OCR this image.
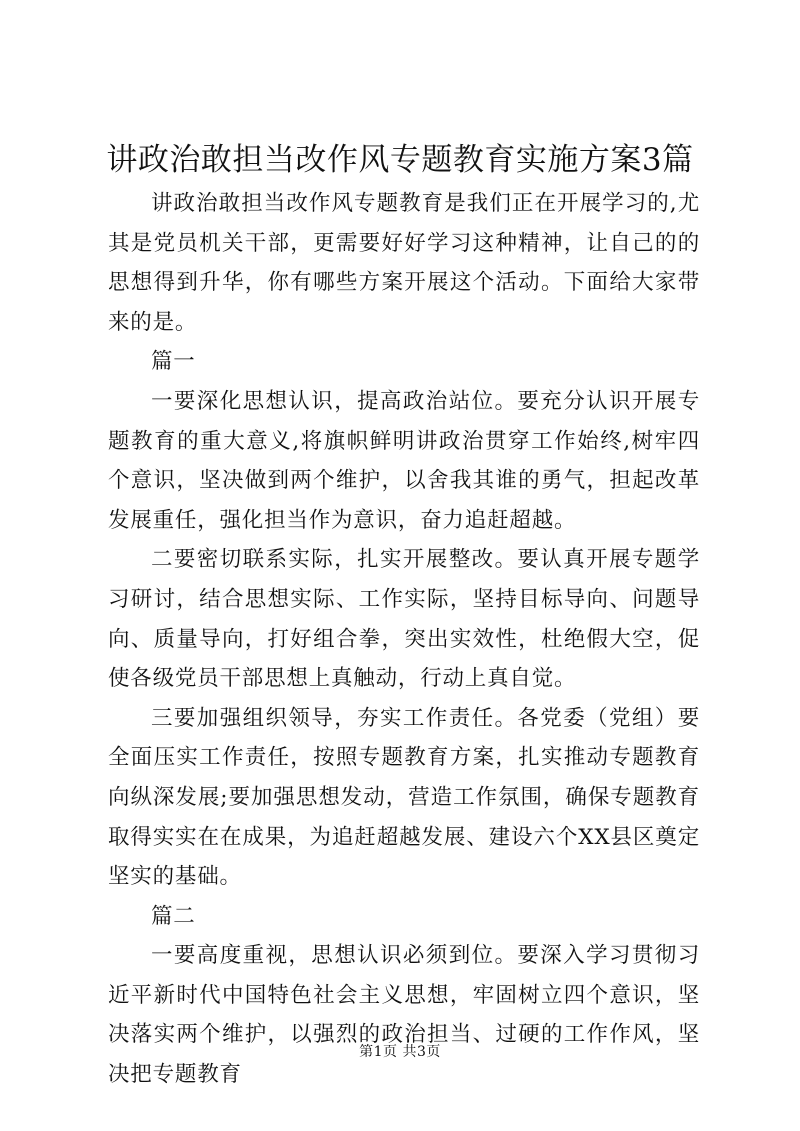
讲政治敢担当改作风专题教育实施方案3篇

讲政治敢担当改作风专题教育是我们正在开展学习的,尤其是党员机关干部，更需要好好学习这种精神，让自己的的思想得到升华，你有哪些方案开展这个活动。下面给大家带来的是。

篇一

一要深化思想认识，提高政治站位。要充分认识开展专题教育的重大意义,将旗帜鲜明讲政治贯穿工作始终,树牢四个意识，坚决做到两个维护，以舍我其谁的勇气，担起改革发展重任，强化担当作为意识，奋力追赶超越。

二要密切联系实际，扎实开展整改。要认真开展专题学习研讨，结合思想实际、工作实际，坚持目标导向、问题导向、质量导向，打好组合拳，突出实效性，杜绝假大空，促使各级党员干部思想上真触动，行动上真自觉。

三要加强组织领导，夯实工作责任。各党委（党组）要全面压实工作责任，按照专题教育方案，扎实推动专题教育向纵深发展;要加强思想发动，营造工作氛围，确保专题教育取得实实在在成果，为追赶超越发展、建设六个XX县区奠定坚实的基础。

篇二

一要高度重视，思想认识必须到位。要深入学习贯彻习近平新时代中国特色社会主义思想，牢固树立四个意识，坚决落实两个维护，以强烈的政治担当、过硬的工作作风，坚决把专题教育

第1页 共3页
